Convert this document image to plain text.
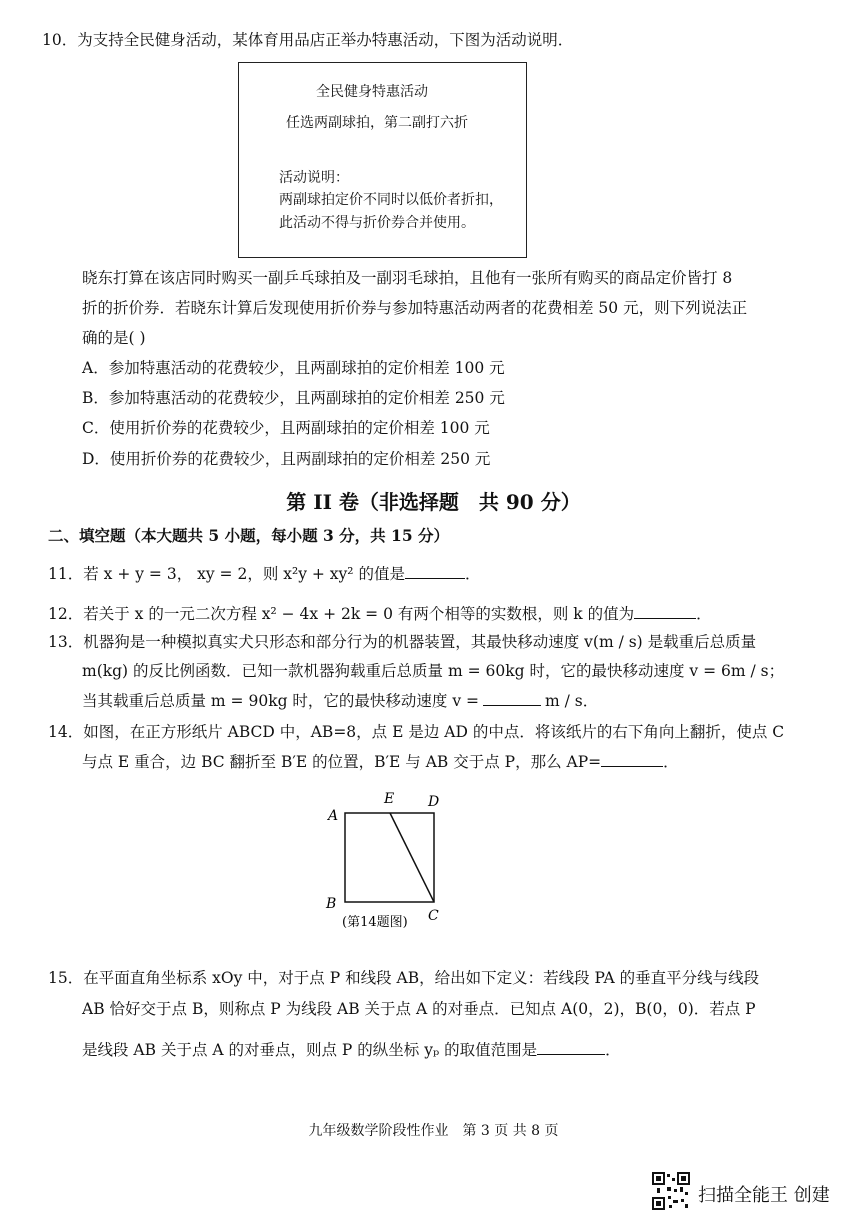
10．为支持全民健身活动，某体育用品店正举办特惠活动，下图为活动说明．
全民健身特惠活动
任选两副球拍，第二副打六折
活动说明：
两副球拍定价不同时以低价者折扣，
此活动不得与折价券合并使用。
晓东打算在该店同时购买一副乒乓球拍及一副羽毛球拍，且他有一张所有购买的商品定价皆打 8
折的折价券．若晓东计算后发现使用折价券与参加特惠活动两者的花费相差 50 元，则下列说法正
确的是( )
A．参加特惠活动的花费较少，且两副球拍的定价相差 100 元
B．参加特惠活动的花费较少，且两副球拍的定价相差 250 元
C．使用折价券的花费较少，且两副球拍的定价相差 100 元
D．使用折价券的花费较少，且两副球拍的定价相差 250 元
第 II 卷（非选择题　共 90 分）
二、填空题（本大题共 5 小题，每小题 3 分，共 15 分）
11．若 x + y = 3， xy = 2，则 x²y + xy² 的值是	．
12．若关于 x 的一元二次方程 x² − 4x + 2k = 0 有两个相等的实数根，则 k 的值为	．
13．机器狗是一种模拟真实犬只形态和部分行为的机器装置，其最快移动速度 v(m / s) 是载重后总质量
m(kg) 的反比例函数．已知一款机器狗载重后总质量 m = 60kg 时，它的最快移动速度 v = 6m / s；
当其载重后总质量 m = 90kg 时，它的最快移动速度 v =	m / s．
14．如图，在正方形纸片 ABCD 中，AB=8，点 E 是边 AD 的中点．将该纸片的右下角向上翻折，使点 C
与点 E 重合，边 BC 翻折至 B′E 的位置，B′E 与 AB 交于点 P，那么 AP=	．
A
E D
B
C
(第14题图)
15．在平面直角坐标系 xOy 中，对于点 P 和线段 AB，给出如下定义：若线段 PA 的垂直平分线与线段
AB 恰好交于点 B，则称点 P 为线段 AB 关于点 A 的对垂点．已知点 A(0，2)，B(0，0)．若点 P
是线段 AB 关于点 A 的对垂点，则点 P 的纵坐标 yₚ 的取值范围是	．
九年级数学阶段性作业　第 3 页 共 8 页
扫描全能王 创建
